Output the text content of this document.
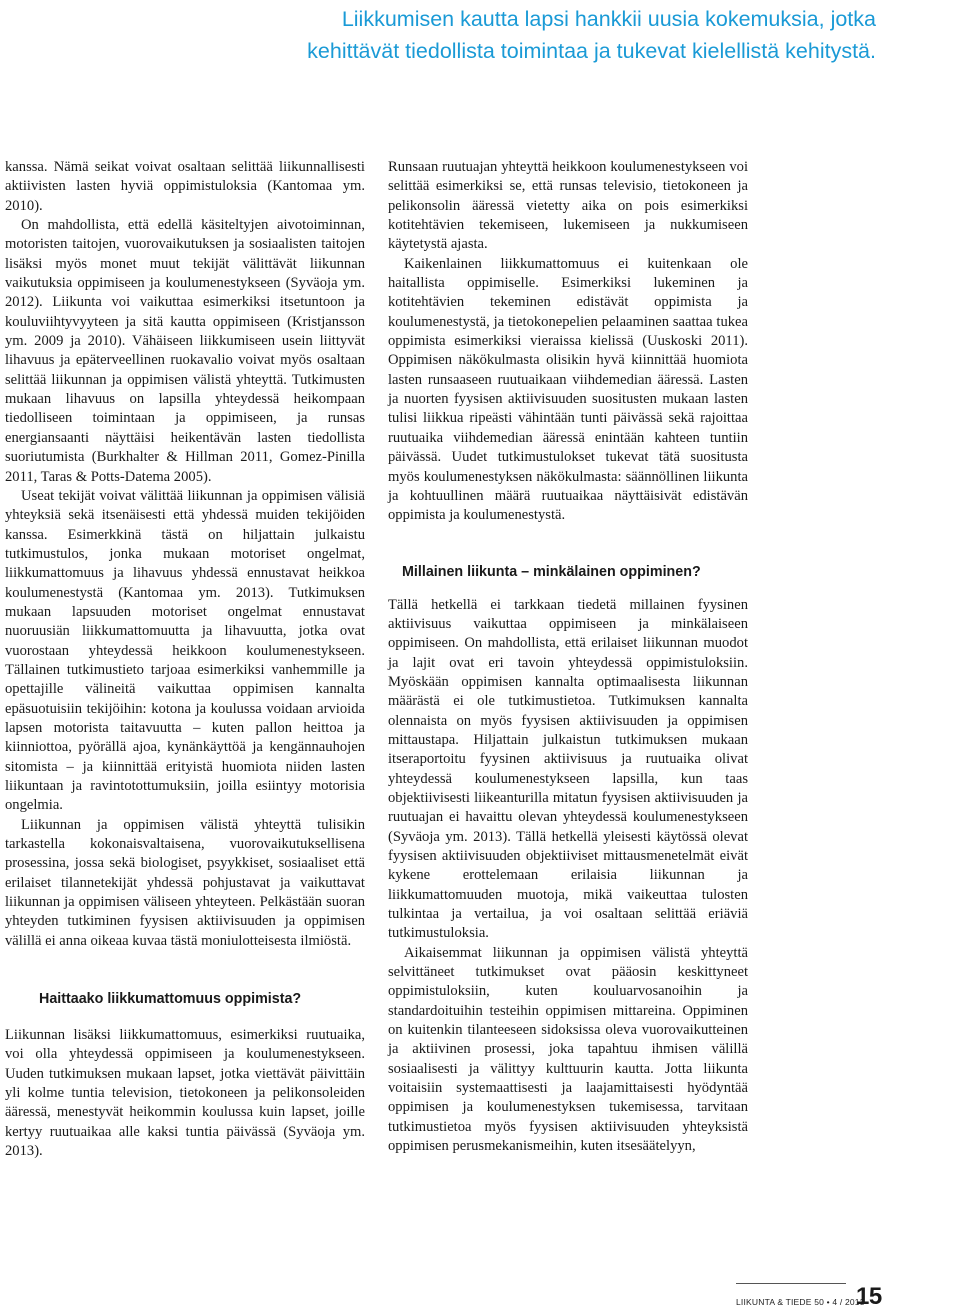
Liikkumisen kautta lapsi hankkii uusia kokemuksia, jotka
kehittävät tiedollista toimintaa ja tukevat kielellistä kehitystä.

kanssa. Nämä seikat voivat osaltaan selittää liikunnallisesti aktiivisten lasten hyviä oppimistuloksia (Kantomaa ym. 2010).

On mahdollista, että edellä käsiteltyjen aivotoiminnan, motoristen taitojen, vuorovaikutuksen ja sosiaalisten taitojen lisäksi myös monet muut tekijät välittävät liikunnan vaikutuksia oppimiseen ja koulumenestykseen (Syväoja ym. 2012). Liikunta voi vaikuttaa esimerkiksi itsetuntoon ja kouluviihtyvyyteen ja sitä kautta oppimiseen (Kristjansson ym. 2009 ja 2010). Vähäiseen liikkumiseen usein liittyvät lihavuus ja epäterveellinen ruokavalio voivat myös osaltaan selittää liikunnan ja oppimisen välistä yhteyttä. Tutkimusten mukaan lihavuus on lapsilla yhteydessä heikompaan tiedolliseen toimintaan ja oppimiseen, ja runsas energiansaanti näyttäisi heikentävän lasten tiedollista suoriutumista (Burkhalter & Hillman 2011, Gomez-Pinilla 2011, Taras & Potts-Datema 2005).

Useat tekijät voivat välittää liikunnan ja oppimisen välisiä yhteyksiä sekä itsenäisesti että yhdessä muiden tekijöiden kanssa. Esimerkkinä tästä on hiljattain julkaistu tutkimustulos, jonka mukaan motoriset ongelmat, liikkumattomuus ja lihavuus yhdessä ennustavat heikkoa koulumenestystä (Kantomaa ym. 2013). Tutkimuksen mukaan lapsuuden motoriset ongelmat ennustavat nuoruusiän liikkumattomuutta ja lihavuutta, jotka ovat vuorostaan yhteydessä heikkoon koulumenestykseen. Tällainen tutkimustieto tarjoaa esimerkiksi vanhemmille ja opettajille välineitä vaikuttaa oppimisen kannalta epäsuotuisiin tekijöihin: kotona ja koulussa voidaan arvioida lapsen motorista taitavuutta – kuten pallon heittoa ja kiinniottoa, pyörällä ajoa, kynänkäyttöä ja kengännauhojen sitomista – ja kiinnittää erityistä huomiota niiden lasten liikuntaan ja ravintotottumuksiin, joilla esiintyy motorisia ongelmia.

Liikunnan ja oppimisen välistä yhteyttä tulisikin tarkastella kokonaisvaltaisena, vuorovaikutuksellisena prosessina, jossa sekä biologiset, psyykkiset, sosiaaliset että erilaiset tilannetekijät yhdessä pohjustavat ja vaikuttavat liikunnan ja oppimisen väliseen yhteyteen. Pelkästään suoran yhteyden tutkiminen fyysisen aktiivisuuden ja oppimisen välillä ei anna oikeaa kuvaa tästä moniulotteisesta ilmiöstä.

Haittaako liikkumattomuus oppimista?

Liikunnan lisäksi liikkumattomuus, esimerkiksi ruutuaika, voi olla yhteydessä oppimiseen ja koulumenestykseen. Uuden tutkimuksen mukaan lapset, jotka viettävät päivittäin yli kolme tuntia television, tietokoneen ja pelikonsoleiden ääressä, menestyvät heikommin koulussa kuin lapset, joille kertyy ruutuaikaa alle kaksi tuntia päivässä (Syväoja ym. 2013).

Runsaan ruutuajan yhteyttä heikkoon koulumenestykseen voi selittää esimerkiksi se, että runsas televisio, tietokoneen ja pelikonsolin ääressä vietetty aika on pois esimerkiksi kotitehtävien tekemiseen, lukemiseen ja nukkumiseen käytetystä ajasta.

Kaikenlainen liikkumattomuus ei kuitenkaan ole haitallista oppimiselle. Esimerkiksi lukeminen ja kotitehtävien tekeminen edistävät oppimista ja koulumenestystä, ja tietokonepelien pelaaminen saattaa tukea oppimista esimerkiksi vieraissa kielissä (Uuskoski 2011). Oppimisen näkökulmasta olisikin hyvä kiinnittää huomiota lasten runsaaseen ruutuaikaan viihdemedian ääressä. Lasten ja nuorten fyysisen aktiivisuuden suositusten mukaan lasten tulisi liikkua ripeästi vähintään tunti päivässä sekä rajoittaa ruutuaika viihdemedian ääressä enintään kahteen tuntiin päivässä. Uudet tutkimustulokset tukevat tätä suositusta myös koulumenestyksen näkökulmasta: säännöllinen liikunta ja kohtuullinen määrä ruutuaikaa näyttäisivät edistävän oppimista ja koulumenestystä.

Millainen liikunta – minkälainen oppiminen?

Tällä hetkellä ei tarkkaan tiedetä millainen fyysinen aktiivisuus vaikuttaa oppimiseen ja minkälaiseen oppimiseen. On mahdollista, että erilaiset liikunnan muodot ja lajit ovat eri tavoin yhteydessä oppimistuloksiin. Myöskään oppimisen kannalta optimaalisesta liikunnan määrästä ei ole tutkimustietoa. Tutkimuksen kannalta olennaista on myös fyysisen aktiivisuuden ja oppimisen mittaustapa. Hiljattain julkaistun tutkimuksen mukaan itseraportoitu fyysinen aktiivisuus ja ruutuaika olivat yhteydessä koulumenestykseen lapsilla, kun taas objektiivisesti liikeanturilla mitatun fyysisen aktiivisuuden ja ruutuajan ei havaittu olevan yhteydessä koulumenestykseen (Syväoja ym. 2013). Tällä hetkellä yleisesti käytössä olevat fyysisen aktiivisuuden objektiiviset mittausmenetelmät eivät kykene erottelemaan erilaisia liikunnan ja liikkumattomuuden muotoja, mikä vaikeuttaa tulosten tulkintaa ja vertailua, ja voi osaltaan selittää eriäviä tutkimustuloksia.

Aikaisemmat liikunnan ja oppimisen välistä yhteyttä selvittäneet tutkimukset ovat pääosin keskittyneet oppimistuloksiin, kuten kouluarvosanoihin ja standardoituihin testeihin oppimisen mittareina. Oppiminen on kuitenkin tilanteeseen sidoksissa oleva vuorovaikutteinen ja aktiivinen prosessi, joka tapahtuu ihmisen välillä sosiaalisesti ja välittyy kulttuurin kautta. Jotta liikunta voitaisiin systemaattisesti ja laajamittaisesti hyödyntää oppimisen ja koulumenestyksen tukemisessa, tarvitaan tutkimustietoa myös fyysisen aktiivisuuden yhteyksistä oppimisen perusmekanismeihin, kuten itsesäätelyyn,

LIIKUNTA & TIEDE 50 • 4 / 2013
15
